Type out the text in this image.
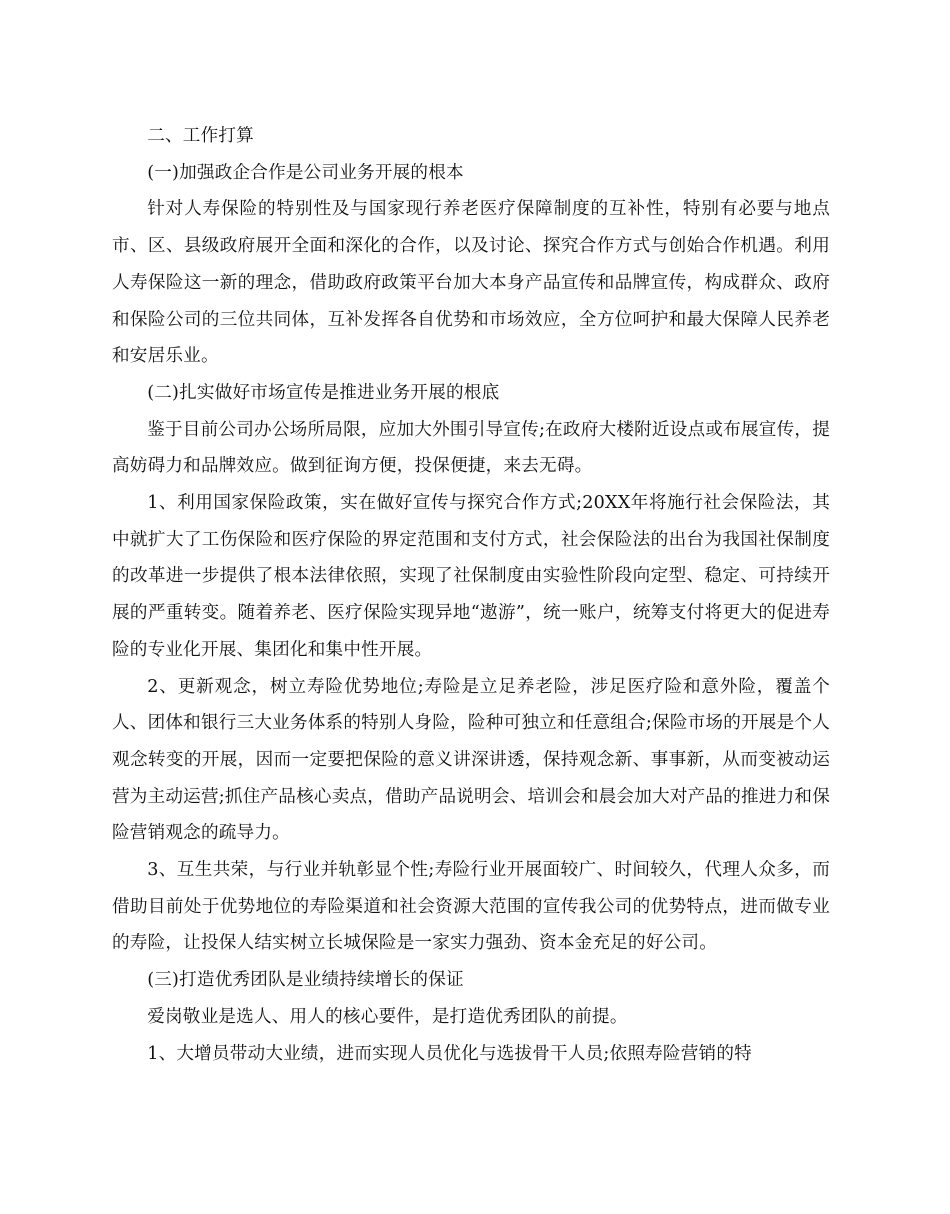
二、工作打算

(一)加强政企合作是公司业务开展的根本

针对人寿保险的特别性及与国家现行养老医疗保障制度的互补性，特别有必要与地点市、区、县级政府展开全面和深化的合作，以及讨论、探究合作方式与创始合作机遇。利用人寿保险这一新的理念，借助政府政策平台加大本身产品宣传和品牌宣传，构成群众、政府和保险公司的三位共同体，互补发挥各自优势和市场效应，全方位呵护和最大保障人民养老和安居乐业。

(二)扎实做好市场宣传是推进业务开展的根底

鉴于目前公司办公场所局限，应加大外围引导宣传;在政府大楼附近设点或布展宣传，提高妨碍力和品牌效应。做到征询方便，投保便捷，来去无碍。

1、利用国家保险政策，实在做好宣传与探究合作方式;20XX年将施行社会保险法，其中就扩大了工伤保险和医疗保险的界定范围和支付方式，社会保险法的出台为我国社保制度的改革进一步提供了根本法律依照，实现了社保制度由实验性阶段向定型、稳定、可持续开展的严重转变。随着养老、医疗保险实现异地“遨游”，统一账户，统筹支付将更大的促进寿险的专业化开展、集团化和集中性开展。

2、更新观念，树立寿险优势地位;寿险是立足养老险，涉足医疗险和意外险，覆盖个人、团体和银行三大业务体系的特别人身险，险种可独立和任意组合;保险市场的开展是个人观念转变的开展，因而一定要把保险的意义讲深讲透，保持观念新、事事新，从而变被动运营为主动运营;抓住产品核心卖点，借助产品说明会、培训会和晨会加大对产品的推进力和保险营销观念的疏导力。

3、互生共荣，与行业并轨彰显个性;寿险行业开展面较广、时间较久，代理人众多，而借助目前处于优势地位的寿险渠道和社会资源大范围的宣传我公司的优势特点，进而做专业的寿险，让投保人结实树立长城保险是一家实力强劲、资本金充足的好公司。

(三)打造优秀团队是业绩持续增长的保证

爱岗敬业是选人、用人的核心要件，是打造优秀团队的前提。

1、大增员带动大业绩，进而实现人员优化与选拔骨干人员;依照寿险营销的特
